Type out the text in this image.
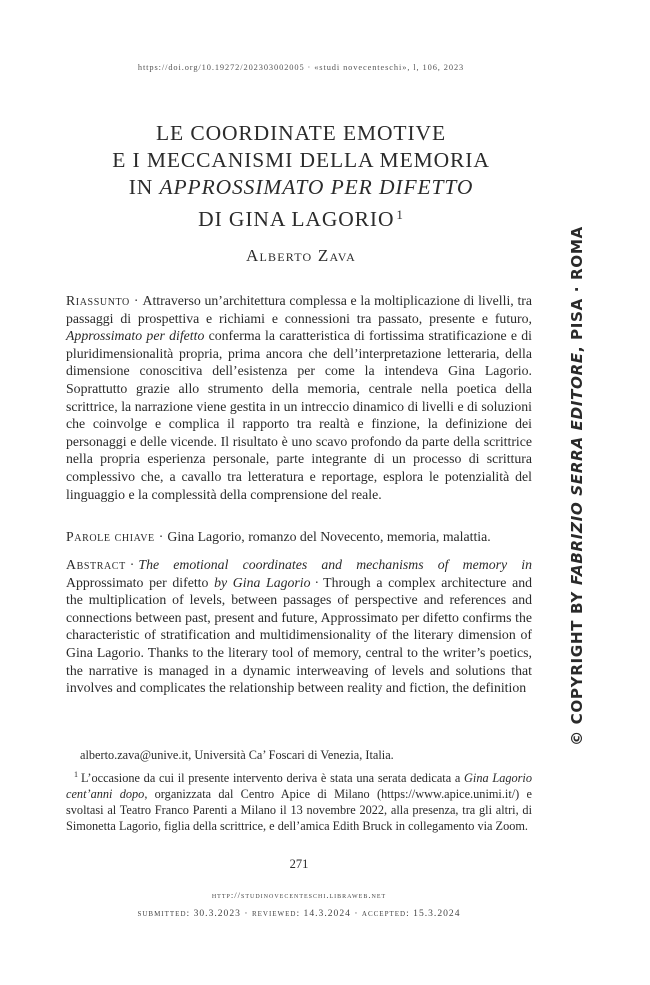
https://doi.org/10.19272/202303002005 · «studi novecenteschi», l, 106, 2023
LE COORDINATE EMOTIVE
E I MECCANISMI DELLA MEMORIA
IN APPROSSIMATO PER DIFETTO
DI GINA LAGORIO $^1$
Alberto Zava

Riassunto · Attraverso un’architettura complessa e la moltiplicazione di livelli, tra passaggi di prospettiva e richiami e connessioni tra passato, presente e futuro, Approssimato per difetto conferma la caratteristica di fortissima stratificazione e di pluridimensionalità propria, prima ancora che dell’interpretazione letteraria, della dimensione conoscitiva dell’esistenza per come la intendeva Gina Lagorio. Soprattutto grazie allo strumento della memoria, centrale nella poetica della scrittrice, la narrazione viene gestita in un intreccio dinamico di livelli e di soluzioni che coinvolge e complica il rapporto tra realtà e finzione, la definizione dei personaggi e delle vicende. Il risultato è uno scavo profondo da parte della scrittrice nella propria esperienza personale, parte integrante di un processo di scrittura complessivo che, a cavallo tra letteratura e reportage, esplora le potenzialità del linguaggio e la complessità della comprensione del reale.

Parole chiave · Gina Lagorio, romanzo del Novecento, memoria, malattia.

Abstract · The emotional coordinates and mechanisms of memory in Approssimato per difetto by Gina Lagorio · Through a complex architecture and the multiplication of levels, between passages of perspective and references and connections between past, present and future, Approssimato per difetto confirms the characteristic of stratification and multidimensionality of the literary dimension of Gina Lagorio. Thanks to the literary tool of memory, central to the writer’s poetics, the narrative is managed in a dynamic interweaving of levels and solutions that involves and complicates the relationship between reality and fiction, the definition

alberto.zava@unive.it, Università Ca’ Foscari di Venezia, Italia.
$^1$ L’occasione da cui il presente intervento deriva è stata una serata dedicata a Gina Lagorio cent’anni dopo, organizzata dal Centro Apice di Milano (https://www.apice.unimi.it/) e svoltasi al Teatro Franco Parenti a Milano il 13 novembre 2022, alla presenza, tra gli altri, di Simonetta Lagorio, figlia della scrittrice, e dell’amica Edith Bruck in collegamento via Zoom.
271
http://studinovecenteschi.libraweb.net
submitted: 30.3.2023 · reviewed: 14.3.2024 · accepted: 15.3.2024
© COPYRIGHT BY FABRIZIO SERRA EDITORE, PISA · ROMA
